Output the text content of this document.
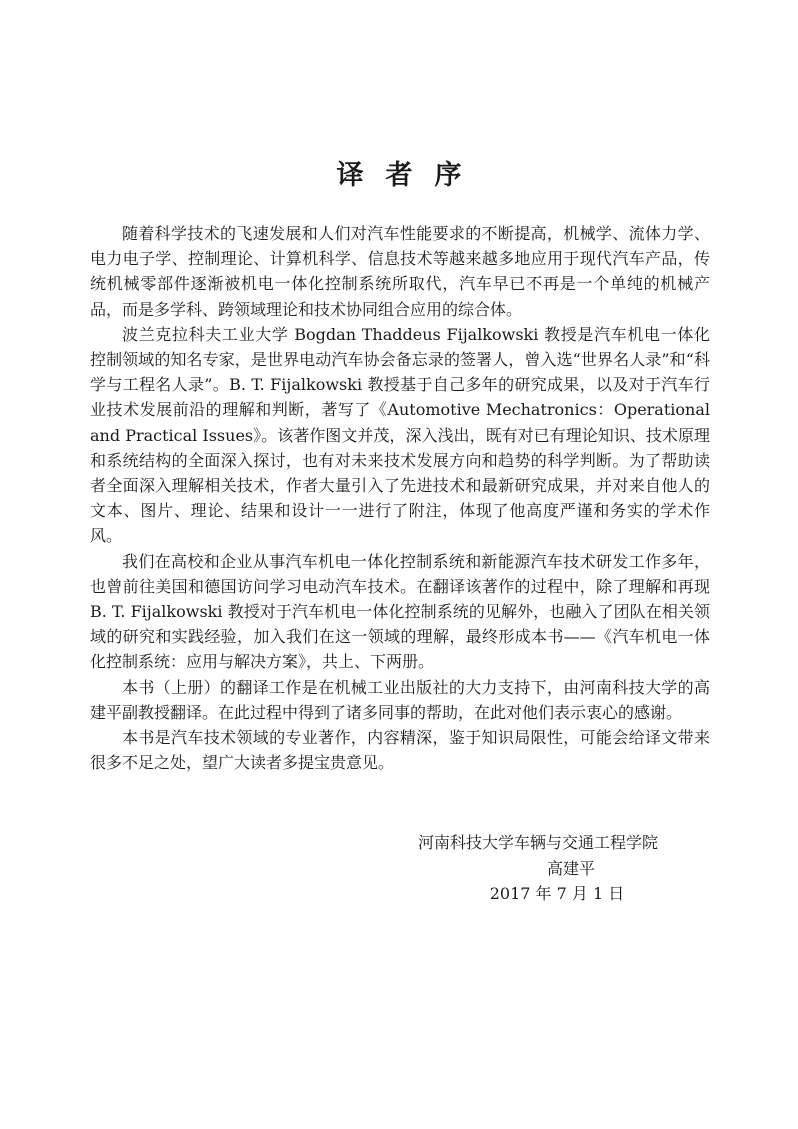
译者序

随着科学技术的飞速发展和人们对汽车性能要求的不断提高，机械学、流体力学、电力电子学、控制理论、计算机科学、信息技术等越来越多地应用于现代汽车产品，传统机械零部件逐渐被机电一体化控制系统所取代，汽车早已不再是一个单纯的机械产品，而是多学科、跨领域理论和技术协同组合应用的综合体。

波兰克拉科夫工业大学 Bogdan Thaddeus Fijalkowski 教授是汽车机电一体化控制领域的知名专家，是世界电动汽车协会备忘录的签署人，曾入选“世界名人录”和“科学与工程名人录”。B. T. Fijalkowski 教授基于自己多年的研究成果，以及对于汽车行业技术发展前沿的理解和判断，著写了《Automotive Mechatronics：Operational and Practical Issues》。该著作图文并茂，深入浅出，既有对已有理论知识、技术原理和系统结构的全面深入探讨，也有对未来技术发展方向和趋势的科学判断。为了帮助读者全面深入理解相关技术，作者大量引入了先进技术和最新研究成果，并对来自他人的文本、图片、理论、结果和设计一一进行了附注，体现了他高度严谨和务实的学术作风。

我们在高校和企业从事汽车机电一体化控制系统和新能源汽车技术研发工作多年，也曾前往美国和德国访问学习电动汽车技术。在翻译该著作的过程中，除了理解和再现 B. T. Fijalkowski 教授对于汽车机电一体化控制系统的见解外，也融入了团队在相关领域的研究和实践经验，加入我们在这一领域的理解，最终形成本书——《汽车机电一体化控制系统：应用与解决方案》，共上、下两册。

本书（上册）的翻译工作是在机械工业出版社的大力支持下，由河南科技大学的高建平副教授翻译。在此过程中得到了诸多同事的帮助，在此对他们表示衷心的感谢。

本书是汽车技术领域的专业著作，内容精深，鉴于知识局限性，可能会给译文带来很多不足之处，望广大读者多提宝贵意见。

河南科技大学车辆与交通工程学院
高建平
2017 年 7 月 1 日
